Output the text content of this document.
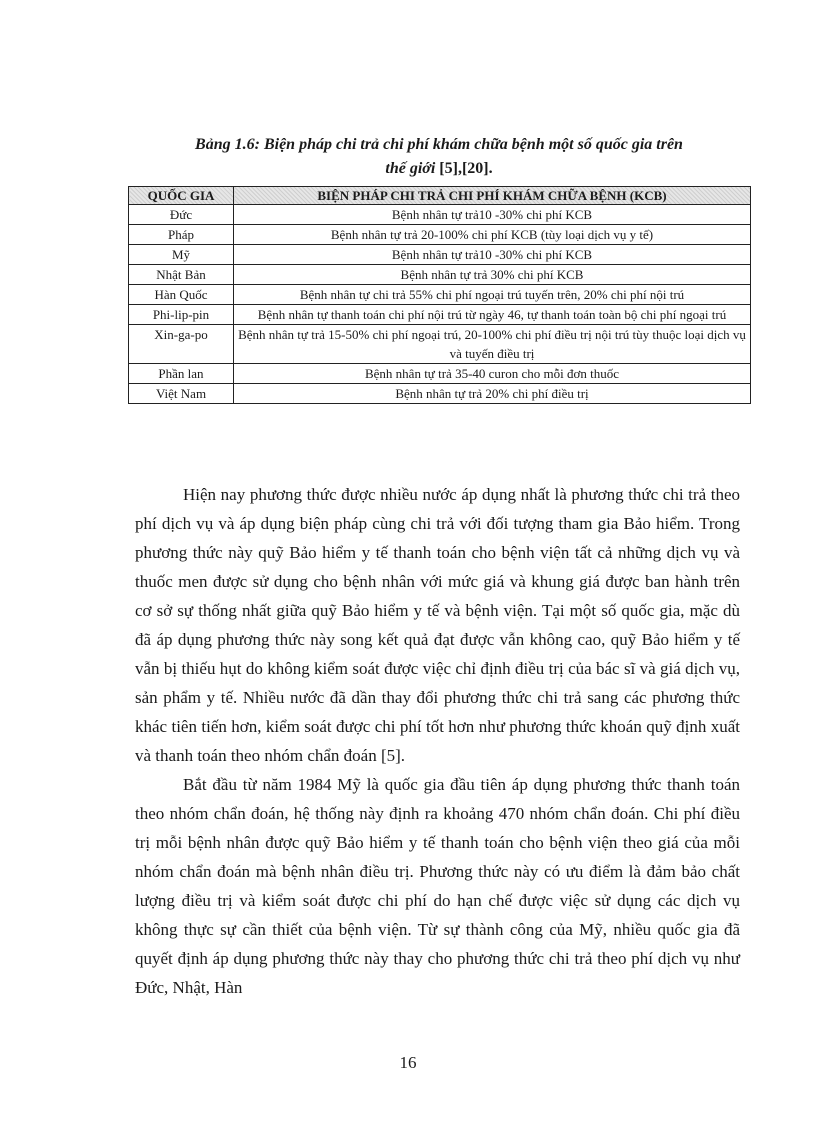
Bảng 1.6: Biện pháp chi trả chi phí khám chữa bệnh một số quốc gia trên
thế giới [5],[20].
QUỐC GIA	BIỆN PHÁP CHI TRẢ CHI PHÍ KHÁM CHỮA BỆNH (KCB)
Đức	Bệnh nhân tự trả10 -30% chi phí KCB
Pháp	Bệnh nhân tự trả 20-100% chi phí KCB (tùy loại dịch vụ y tế)
Mỹ	Bệnh nhân tự trả10 -30% chi phí KCB
Nhật Bản	Bệnh nhân tự trả 30% chi phí KCB
Hàn Quốc	Bệnh nhân tự chi trả 55% chi phí ngoại trú tuyến trên, 20% chi phí nội trú
Phi-lip-pin	Bệnh nhân tự thanh toán chi phí nội trú từ ngày 46, tự thanh toán toàn bộ chi phí ngoại trú
Xin-ga-po	Bệnh nhân tự trả 15-50% chi phí ngoại trú, 20-100% chi phí điều trị nội trú tùy thuộc loại dịch vụ và tuyến điều trị
Phần lan	Bệnh nhân tự trả 35-40 curon cho mỗi đơn thuốc
Việt Nam	Bệnh nhân tự trả 20% chi phí điều trị

Hiện nay phương thức được nhiều nước áp dụng nhất là phương thức chi trả theo phí dịch vụ và áp dụng biện pháp cùng chi trả với đối tượng tham gia Bảo hiểm. Trong phương thức này quỹ Bảo hiểm y tế thanh toán cho bệnh viện tất cả những dịch vụ và thuốc men được sử dụng cho bệnh nhân với mức giá và khung giá được ban hành trên cơ sở sự thống nhất giữa quỹ Bảo hiểm y tế và bệnh viện. Tại một số quốc gia, mặc dù đã áp dụng phương thức này song kết quả đạt được vẫn không cao, quỹ Bảo hiểm y tế vẫn bị thiếu hụt do không kiểm soát được việc chỉ định điều trị của bác sĩ và giá dịch vụ, sản phẩm y tế. Nhiều nước đã dần thay đổi phương thức chi trả sang các phương thức khác tiên tiến hơn, kiểm soát được chi phí tốt hơn như phương thức khoán quỹ định xuất và thanh toán theo nhóm chẩn đoán [5].

Bắt đầu từ năm 1984 Mỹ là quốc gia đầu tiên áp dụng phương thức thanh toán theo nhóm chẩn đoán, hệ thống này định ra khoảng 470 nhóm chẩn đoán. Chi phí điều trị mỗi bệnh nhân được quỹ Bảo hiểm y tế thanh toán cho bệnh viện theo giá của mỗi nhóm chẩn đoán mà bệnh nhân điều trị. Phương thức này có ưu điểm là đảm bảo chất lượng điều trị và kiểm soát được chi phí do hạn chế được việc sử dụng các dịch vụ không thực sự cần thiết của bệnh viện. Từ sự thành công của Mỹ, nhiều quốc gia đã quyết định áp dụng phương thức này thay cho phương thức chi trả theo phí dịch vụ như Đức, Nhật, Hàn

16
